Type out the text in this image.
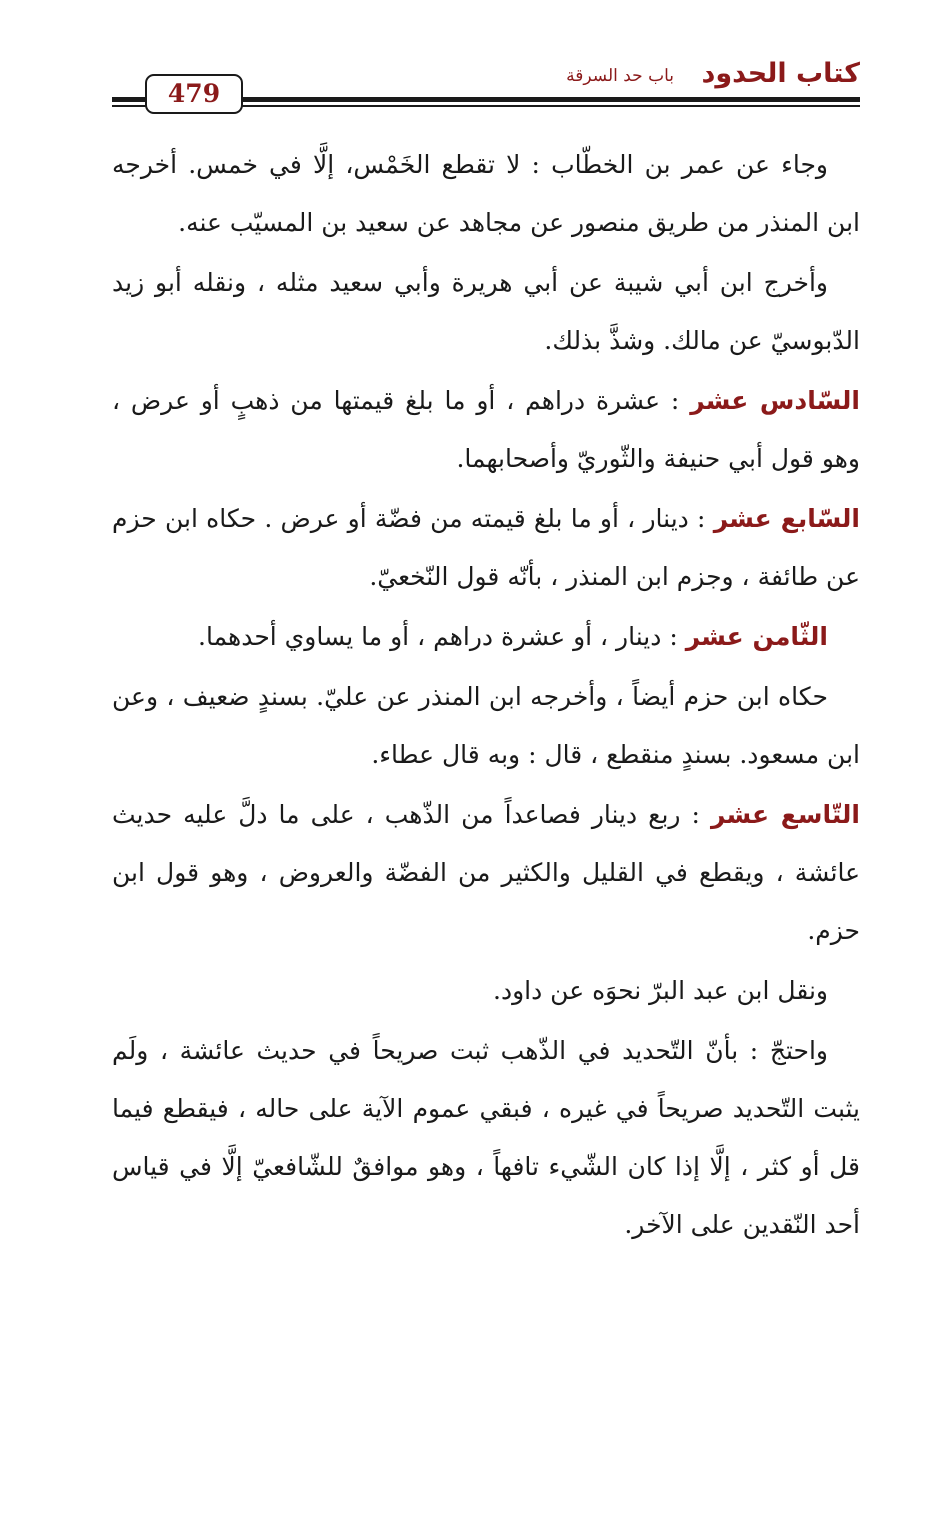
كتاب الحدود
باب حد السرقة
479

وجاء عن عمر بن الخطّاب : لا تقطع الخَمْس، إلَّا في خمس. أخرجه ابن المنذر من طريق منصور عن مجاهد عن سعيد بن المسيّب عنه.

وأخرج ابن أبي شيبة عن أبي هريرة وأبي سعيد مثله ، ونقله أبو زيد الدّبوسيّ عن مالك. وشذَّ بذلك.

السّادس عشر : عشرة دراهم ، أو ما بلغ قيمتها من ذهبٍ أو عرض ، وهو قول أبي حنيفة والثّوريّ وأصحابهما.

السّابع عشر : دينار ، أو ما بلغ قيمته من فضّة أو عرض . حكاه ابن حزم عن طائفة ، وجزم ابن المنذر ، بأنّه قول النّخعيّ.

الثّامن عشر : دينار ، أو عشرة دراهم ، أو ما يساوي أحدهما.

حكاه ابن حزم أيضاً ، وأخرجه ابن المنذر عن عليّ. بسندٍ ضعيف ، وعن ابن مسعود. بسندٍ منقطع ، قال : وبه قال عطاء.

التّاسع عشر : ربع دينار فصاعداً من الذّهب ، على ما دلَّ عليه حديث عائشة ، ويقطع في القليل والكثير من الفضّة والعروض ، وهو قول ابن حزم.

ونقل ابن عبد البرّ نحوَه عن داود.

واحتجّ : بأنّ التّحديد في الذّهب ثبت صريحاً في حديث عائشة ، ولَم يثبت التّحديد صريحاً في غيره ، فبقي عموم الآية على حاله ، فيقطع فيما قل أو كثر ، إلَّا إذا كان الشّيء تافهاً ، وهو موافقٌ للشّافعيّ إلَّا في قياس أحد النّقدين على الآخر.
